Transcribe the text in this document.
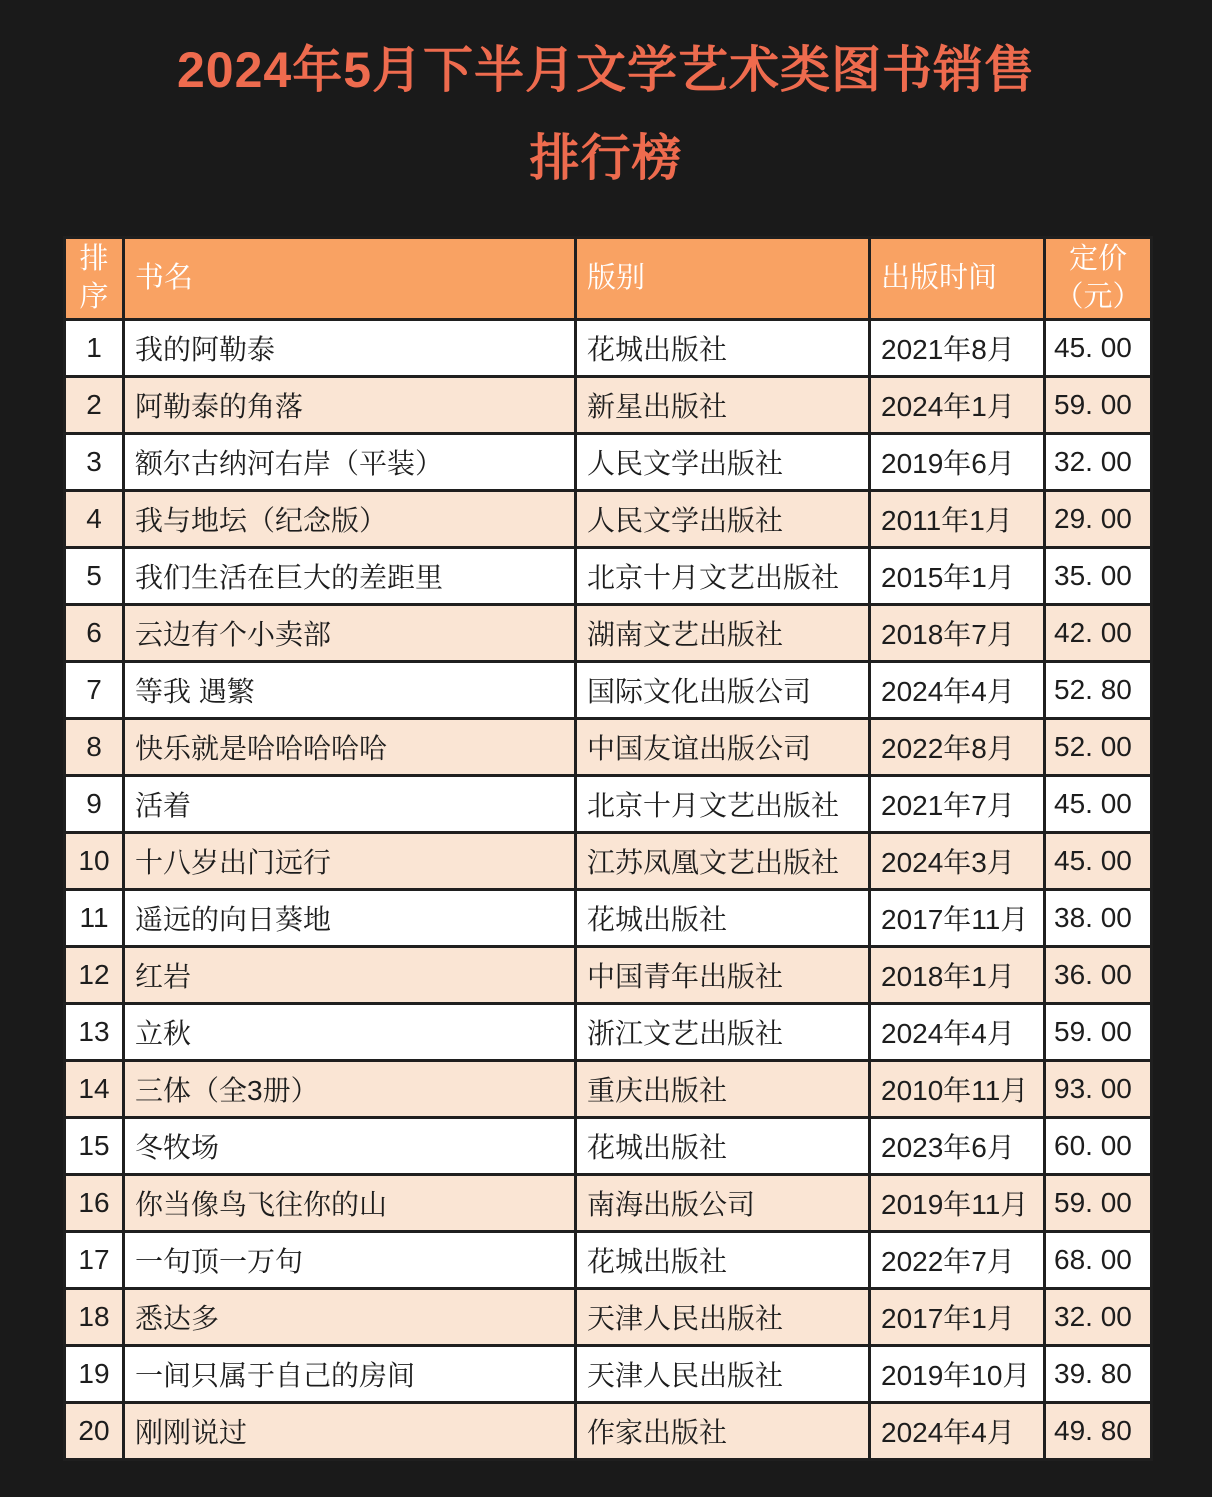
2024年5月下半月文学艺术类图书销售
排行榜
排序	书名	版别	出版时间	定价（元）
1	我的阿勒泰	花城出版社	2021年8月	45. 00
2	阿勒泰的角落	新星出版社	2024年1月	59. 00
3	额尔古纳河右岸（平装）	人民文学出版社	2019年6月	32. 00
4	我与地坛（纪念版）	人民文学出版社	2011年1月	29. 00
5	我们生活在巨大的差距里	北京十月文艺出版社	2015年1月	35. 00
6	云边有个小卖部	湖南文艺出版社	2018年7月	42. 00
7	等我 遇繁	国际文化出版公司	2024年4月	52. 80
8	快乐就是哈哈哈哈哈	中国友谊出版公司	2022年8月	52. 00
9	活着	北京十月文艺出版社	2021年7月	45. 00
10	十八岁出门远行	江苏凤凰文艺出版社	2024年3月	45. 00
11	遥远的向日葵地	花城出版社	2017年11月	38. 00
12	红岩	中国青年出版社	2018年1月	36. 00
13	立秋	浙江文艺出版社	2024年4月	59. 00
14	三体（全3册）	重庆出版社	2010年11月	93. 00
15	冬牧场	花城出版社	2023年6月	60. 00
16	你当像鸟飞往你的山	南海出版公司	2019年11月	59. 00
17	一句顶一万句	花城出版社	2022年7月	68. 00
18	悉达多	天津人民出版社	2017年1月	32. 00
19	一间只属于自己的房间	天津人民出版社	2019年10月	39. 80
20	刚刚说过	作家出版社	2024年4月	49. 80
